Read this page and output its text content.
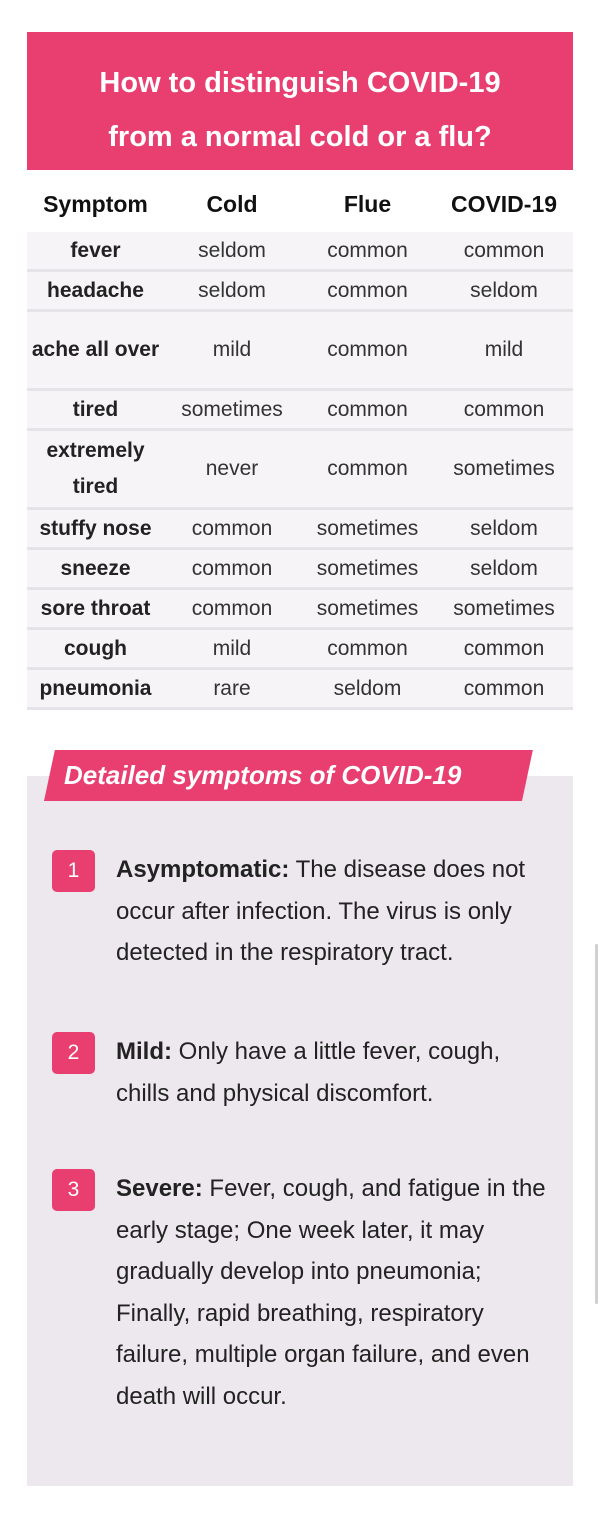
How to distinguish COVID-19
from a normal cold or a flu?
Symptom	Cold	Flue	COVID-19
fever	seldom	common	common
headache	seldom	common	seldom
ache all over	mild	common	mild
tired	sometimes	common	common
extremely tired	never	common	sometimes
stuffy nose	common	sometimes	seldom
sneeze	common	sometimes	seldom
sore throat	common	sometimes	sometimes
cough	mild	common	common
pneumonia	rare	seldom	common
Detailed symptoms of COVID-19
1	Asymptomatic: The disease does not occur after infection. The virus is only detected in the respiratory tract.
2	Mild: Only have a little fever, cough, chills and physical discomfort.
3	Severe: Fever, cough, and fatigue in the early stage; One week later, it may gradually develop into pneumonia; Finally, rapid breathing, respiratory failure, multiple organ failure, and even death will occur.
